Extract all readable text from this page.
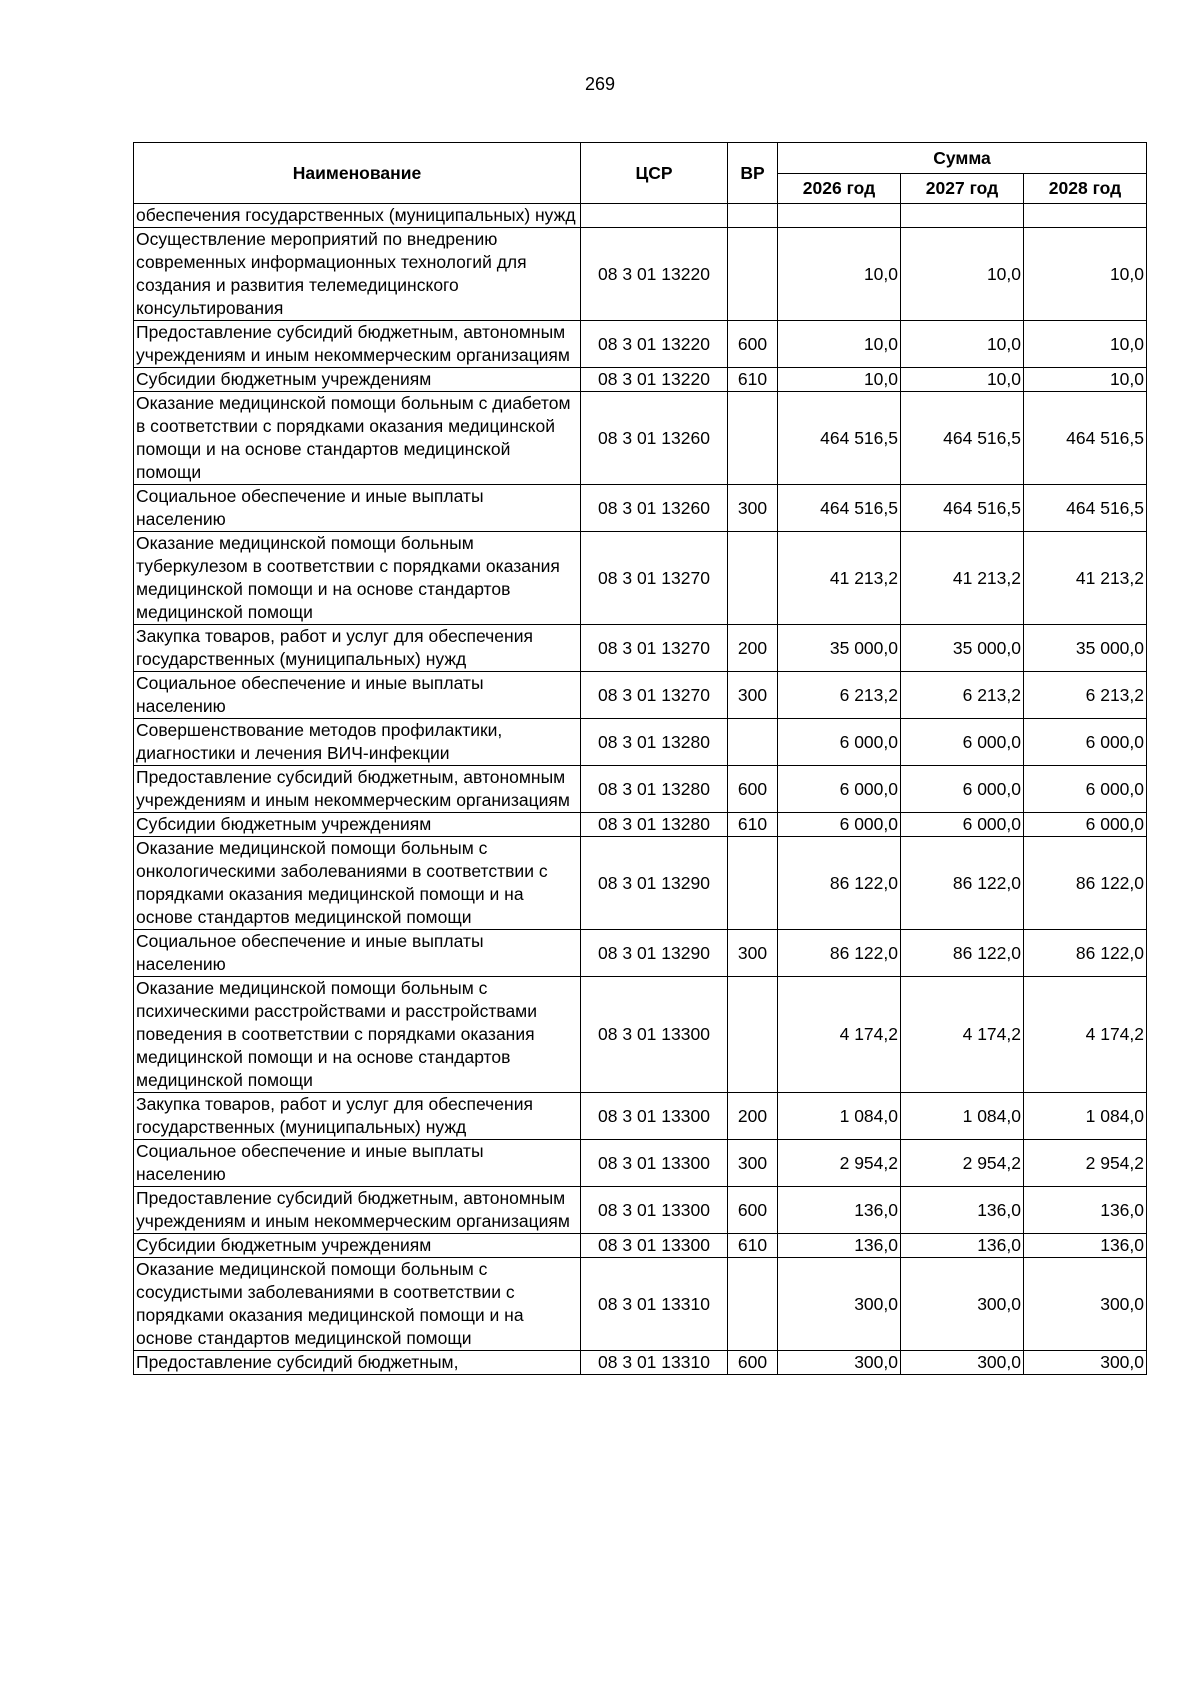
269
Наименование	ЦСР	ВР	Сумма		
			2026 год	2027 год	2028 год
обеспечения государственных (муниципальных) нужд					
Осуществление мероприятий по внедрению современных информационных технологий для создания и развития телемедицинского консультирования	08 3 01 13220		10,0	10,0	10,0
Предоставление субсидий бюджетным, автономным учреждениям и иным некоммерческим организациям	08 3 01 13220	600	10,0	10,0	10,0
Субсидии бюджетным учреждениям	08 3 01 13220	610	10,0	10,0	10,0
Оказание медицинской помощи больным с диабетом в соответствии с порядками оказания медицинской помощи и на основе стандартов медицинской помощи	08 3 01 13260		464 516,5	464 516,5	464 516,5
Социальное обеспечение и иные выплаты населению	08 3 01 13260	300	464 516,5	464 516,5	464 516,5
Оказание медицинской помощи больным туберкулезом в соответствии с порядками оказания медицинской помощи и на основе стандартов медицинской помощи	08 3 01 13270		41 213,2	41 213,2	41 213,2
Закупка товаров, работ и услуг для обеспечения государственных (муниципальных) нужд	08 3 01 13270	200	35 000,0	35 000,0	35 000,0
Социальное обеспечение и иные выплаты населению	08 3 01 13270	300	6 213,2	6 213,2	6 213,2
Совершенствование методов профилактики, диагностики и лечения ВИЧ-инфекции	08 3 01 13280		6 000,0	6 000,0	6 000,0
Предоставление субсидий бюджетным, автономным учреждениям и иным некоммерческим организациям	08 3 01 13280	600	6 000,0	6 000,0	6 000,0
Субсидии бюджетным учреждениям	08 3 01 13280	610	6 000,0	6 000,0	6 000,0
Оказание медицинской помощи больным с онкологическими заболеваниями в соответствии с порядками оказания медицинской помощи и на основе стандартов медицинской помощи	08 3 01 13290		86 122,0	86 122,0	86 122,0
Социальное обеспечение и иные выплаты населению	08 3 01 13290	300	86 122,0	86 122,0	86 122,0
Оказание медицинской помощи больным с психическими расстройствами и расстройствами поведения в соответствии с порядками оказания медицинской помощи и на основе стандартов медицинской помощи	08 3 01 13300		4 174,2	4 174,2	4 174,2
Закупка товаров, работ и услуг для обеспечения государственных (муниципальных) нужд	08 3 01 13300	200	1 084,0	1 084,0	1 084,0
Социальное обеспечение и иные выплаты населению	08 3 01 13300	300	2 954,2	2 954,2	2 954,2
Предоставление субсидий бюджетным, автономным учреждениям и иным некоммерческим организациям	08 3 01 13300	600	136,0	136,0	136,0
Субсидии бюджетным учреждениям	08 3 01 13300	610	136,0	136,0	136,0
Оказание медицинской помощи больным с сосудистыми заболеваниями в соответствии с порядками оказания медицинской помощи и на основе стандартов медицинской помощи	08 3 01 13310		300,0	300,0	300,0
Предоставление субсидий бюджетным,	08 3 01 13310	600	300,0	300,0	300,0
